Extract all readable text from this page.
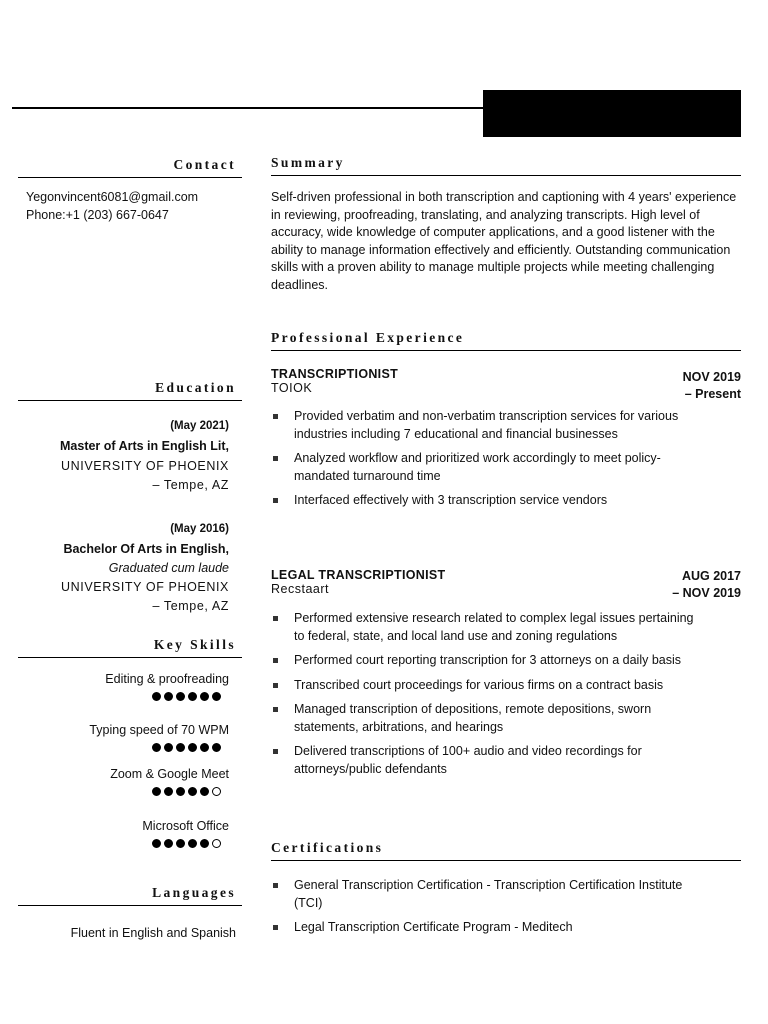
Contact
Yegonvincent6081@gmail.com
Phone:+1 (203) 667-0647
Education
(May 2021)
Master of Arts in English Lit,
UNIVERSITY OF PHOENIX
– Tempe, AZ
(May 2016)
Bachelor Of Arts in English,
Graduated cum laude
UNIVERSITY OF PHOENIX
– Tempe, AZ
Key Skills
Editing & proofreading
Typing speed of 70 WPM
Zoom & Google Meet
Microsoft Office
Languages
Fluent in English and Spanish
Summary
Self-driven professional in both transcription and captioning with 4 years' experience in reviewing, proofreading, translating, and analyzing transcripts. High level of accuracy, wide knowledge of computer applications, and a good listener with the ability to manage information effectively and efficiently. Outstanding communication skills with a proven ability to manage multiple projects while meeting challenging deadlines.
Professional Experience
TRANSCRIPTIONIST
TOIOK
NOV 2019
– Present
Provided verbatim and non-verbatim transcription services for various industries including 7 educational and financial businesses
Analyzed workflow and prioritized work accordingly to meet policy-mandated turnaround time
Interfaced effectively with 3 transcription service vendors
LEGAL TRANSCRIPTIONIST
Recstaart
AUG 2017
– NOV 2019
Performed extensive research related to complex legal issues pertaining to federal, state, and local land use and zoning regulations
Performed court reporting transcription for 3 attorneys on a daily basis
Transcribed court proceedings for various firms on a contract basis
Managed transcription of depositions, remote depositions, sworn statements, arbitrations, and hearings
Delivered transcriptions of 100+ audio and video recordings for attorneys/public defendants
Certifications
General Transcription Certification - Transcription Certification Institute (TCI)
Legal Transcription Certificate Program - Meditech
